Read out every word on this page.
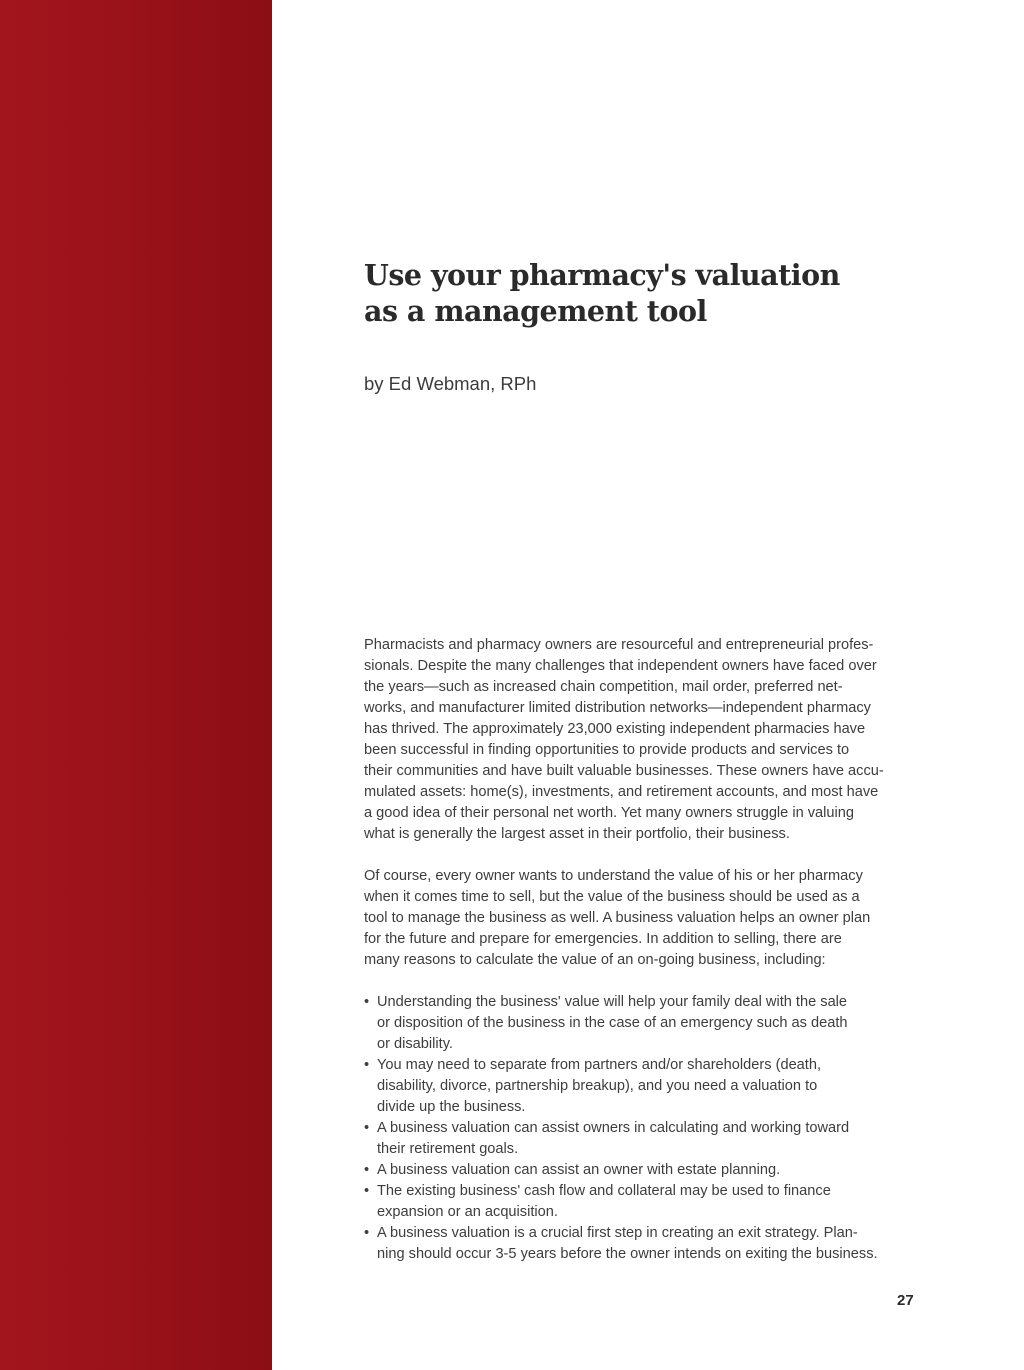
Use your pharmacy's valuation
as a management tool
by Ed Webman, RPh

Pharmacists and pharmacy owners are resourceful and entrepreneurial profes-
sionals. Despite the many challenges that independent owners have faced over
the years—such as increased chain competition, mail order, preferred net-
works, and manufacturer limited distribution networks—independent pharmacy
has thrived. The approximately 23,000 existing independent pharmacies have
been successful in finding opportunities to provide products and services to
their communities and have built valuable businesses. These owners have accu-
mulated assets: home(s), investments, and retirement accounts, and most have
a good idea of their personal net worth. Yet many owners struggle in valuing
what is generally the largest asset in their portfolio, their business.

Of course, every owner wants to understand the value of his or her pharmacy
when it comes time to sell, but the value of the business should be used as a
tool to manage the business as well. A business valuation helps an owner plan
for the future and prepare for emergencies. In addition to selling, there are
many reasons to calculate the value of an on-going business, including:

• Understanding the business' value will help your family deal with the sale
or disposition of the business in the case of an emergency such as death
or disability.
• You may need to separate from partners and/or shareholders (death,
disability, divorce, partnership breakup), and you need a valuation to
divide up the business.
• A business valuation can assist owners in calculating and working toward
their retirement goals.
• A business valuation can assist an owner with estate planning.
• The existing business' cash flow and collateral may be used to finance
expansion or an acquisition.
• A business valuation is a crucial first step in creating an exit strategy. Plan-
ning should occur 3-5 years before the owner intends on exiting the business.
27
